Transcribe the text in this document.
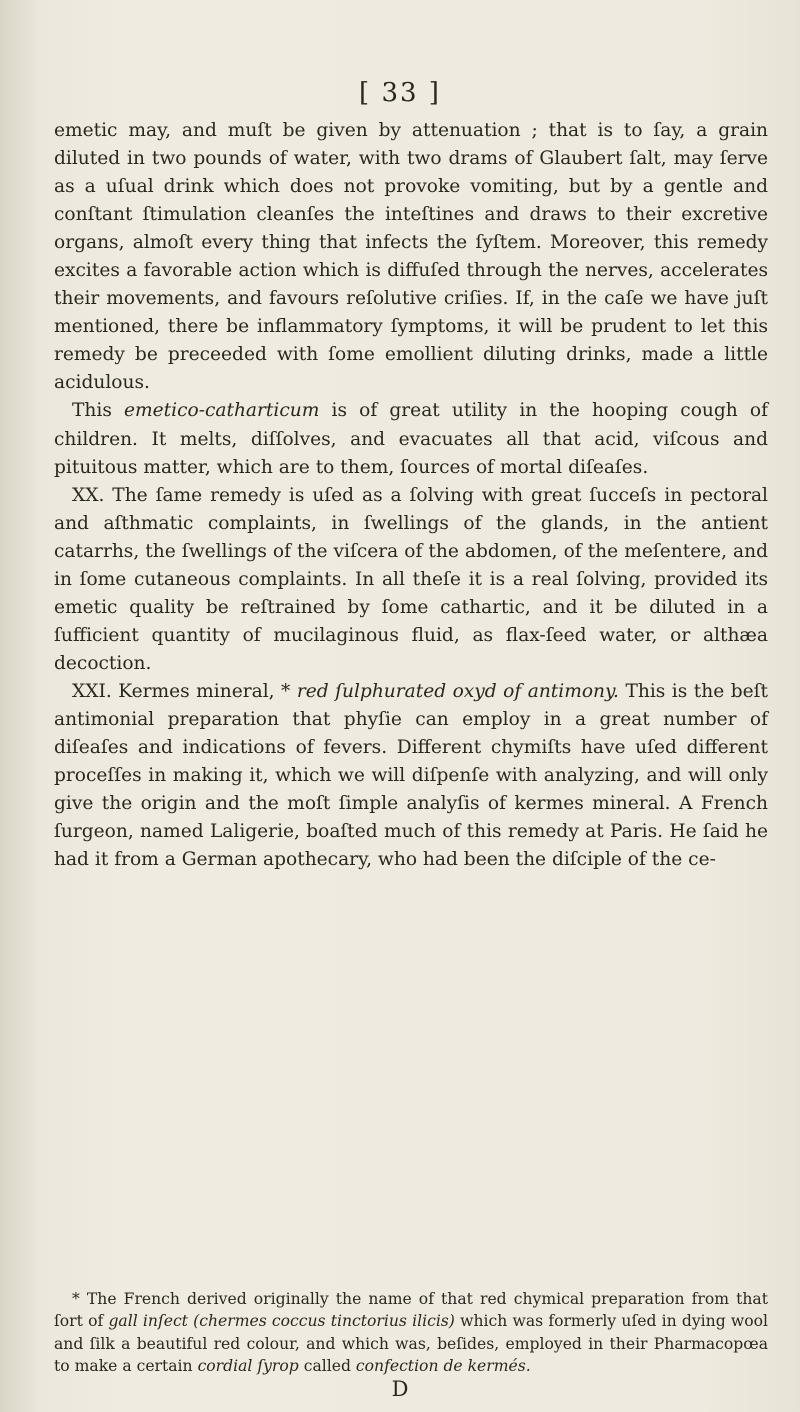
[ 33 ]

emetic may, and muſt be given by attenuation ; that is to ſay, a grain diluted in two pounds of water, with two drams of Glaubert ſalt, may ſerve as a uſual drink which does not provoke vomiting, but by a gentle and conſtant ſtimulation cleanſes the inteſtines and draws to their excretive organs, almoſt every thing that infects the ſyſtem. Moreover, this remedy excites a favorable action which is diffuſed through the nerves, accelerates their movements, and favours reſolutive criſies. If, in the caſe we have juſt mentioned, there be inflammatory ſymptoms, it will be prudent to let this remedy be preceeded with ſome emollient diluting drinks, made a little acidulous.

This emetico-catharticum is of great utility in the hooping cough of children. It melts, diſſolves, and evacuates all that acid, viſcous and pituitous matter, which are to them, ſources of mortal diſeaſes.

XX. The ſame remedy is uſed as a ſolving with great ſucceſs in pectoral and aſthmatic complaints, in ſwellings of the glands, in the antient catarrhs, the ſwellings of the viſcera of the abdomen, of the meſentere, and in ſome cutaneous complaints. In all theſe it is a real ſolving, provided its emetic quality be reſtrained by ſome cathartic, and it be diluted in a ſufficient quantity of mucilaginous fluid, as flax-ſeed water, or althæa decoction.

XXI. Kermes mineral, * red ſulphurated oxyd of antimony. This is the beſt antimonial preparation that phyſie can employ in a great number of diſeaſes and indications of fevers. Different chymiſts have uſed different proceſſes in making it, which we will diſpenſe with analyzing, and will only give the origin and the moſt ſimple analyſis of kermes mineral. A French ſurgeon, named Laligerie, boaſted much of this remedy at Paris. He ſaid he had it from a German apothecary, who had been the diſciple of the ce-

* The French derived originally the name of that red chymical preparation from that ſort of gall inſect (chermes coccus tinctorius ilicis) which was formerly uſed in dying wool and ſilk a beautiful red colour, and which was, beſides, employed in their Pharmacopœa to make a certain cordial ſyrop called confection de kermés.

D
